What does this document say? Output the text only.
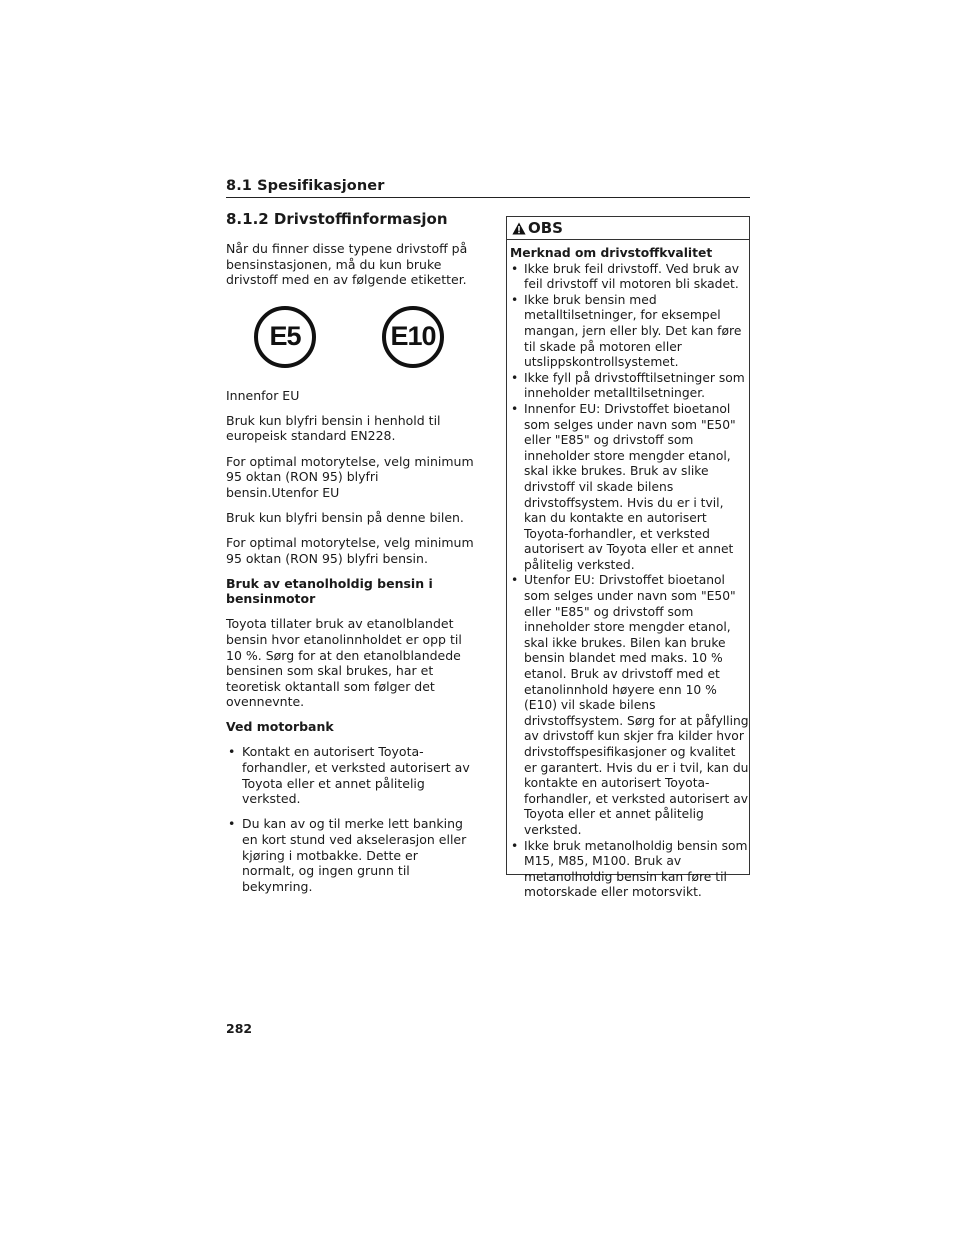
8.1 Spesifikasjoner
8.1.2 Drivstoffinformasjon

Når du finner disse typene drivstoff på bensinstasjonen, må du kun bruke drivstoff med en av følgende etiketter.

E5	E10

Innenfor EU

Bruk kun blyfri bensin i henhold til europeisk standard EN228.

For optimal motorytelse, velg minimum 95 oktan (RON 95) blyfri bensin.Utenfor EU

Bruk kun blyfri bensin på denne bilen.

For optimal motorytelse, velg minimum 95 oktan (RON 95) blyfri bensin.

Bruk av etanolholdig bensin i bensinmotor

Toyota tillater bruk av etanolblandet bensin hvor etanolinnholdet er opp til 10 %. Sørg for at den etanolblandede bensinen som skal brukes, har et teoretisk oktantall som følger det ovennevnte.

Ved motorbank

• Kontakt en autorisert Toyota-forhandler, et verksted autorisert av Toyota eller et annet pålitelig verksted.
• Du kan av og til merke lett banking en kort stund ved akselerasjon eller kjøring i motbakke. Dette er normalt, og ingen grunn til bekymring.
OBS
Merknad om drivstoffkvalitet
• Ikke bruk feil drivstoff. Ved bruk av feil drivstoff vil motoren bli skadet.
• Ikke bruk bensin med metalltilsetninger, for eksempel mangan, jern eller bly. Det kan føre til skade på motoren eller utslippskontrollsystemet.
• Ikke fyll på drivstofftilsetninger som inneholder metalltilsetninger.
• Innenfor EU: Drivstoffet bioetanol som selges under navn som "E50" eller "E85" og drivstoff som inneholder store mengder etanol, skal ikke brukes. Bruk av slike drivstoff vil skade bilens drivstoffsystem. Hvis du er i tvil, kan du kontakte en autorisert Toyota-forhandler, et verksted autorisert av Toyota eller et annet pålitelig verksted.
• Utenfor EU: Drivstoffet bioetanol som selges under navn som "E50" eller "E85" og drivstoff som inneholder store mengder etanol, skal ikke brukes. Bilen kan bruke bensin blandet med maks. 10 % etanol. Bruk av drivstoff med et etanolinnhold høyere enn 10 % (E10) vil skade bilens drivstoffsystem. Sørg for at påfylling av drivstoff kun skjer fra kilder hvor drivstoffspesifikasjoner og kvalitet er garantert. Hvis du er i tvil, kan du kontakte en autorisert Toyota-forhandler, et verksted autorisert av Toyota eller et annet pålitelig verksted.
• Ikke bruk metanolholdig bensin som M15, M85, M100. Bruk av metanolholdig bensin kan føre til motorskade eller motorsvikt.
282
